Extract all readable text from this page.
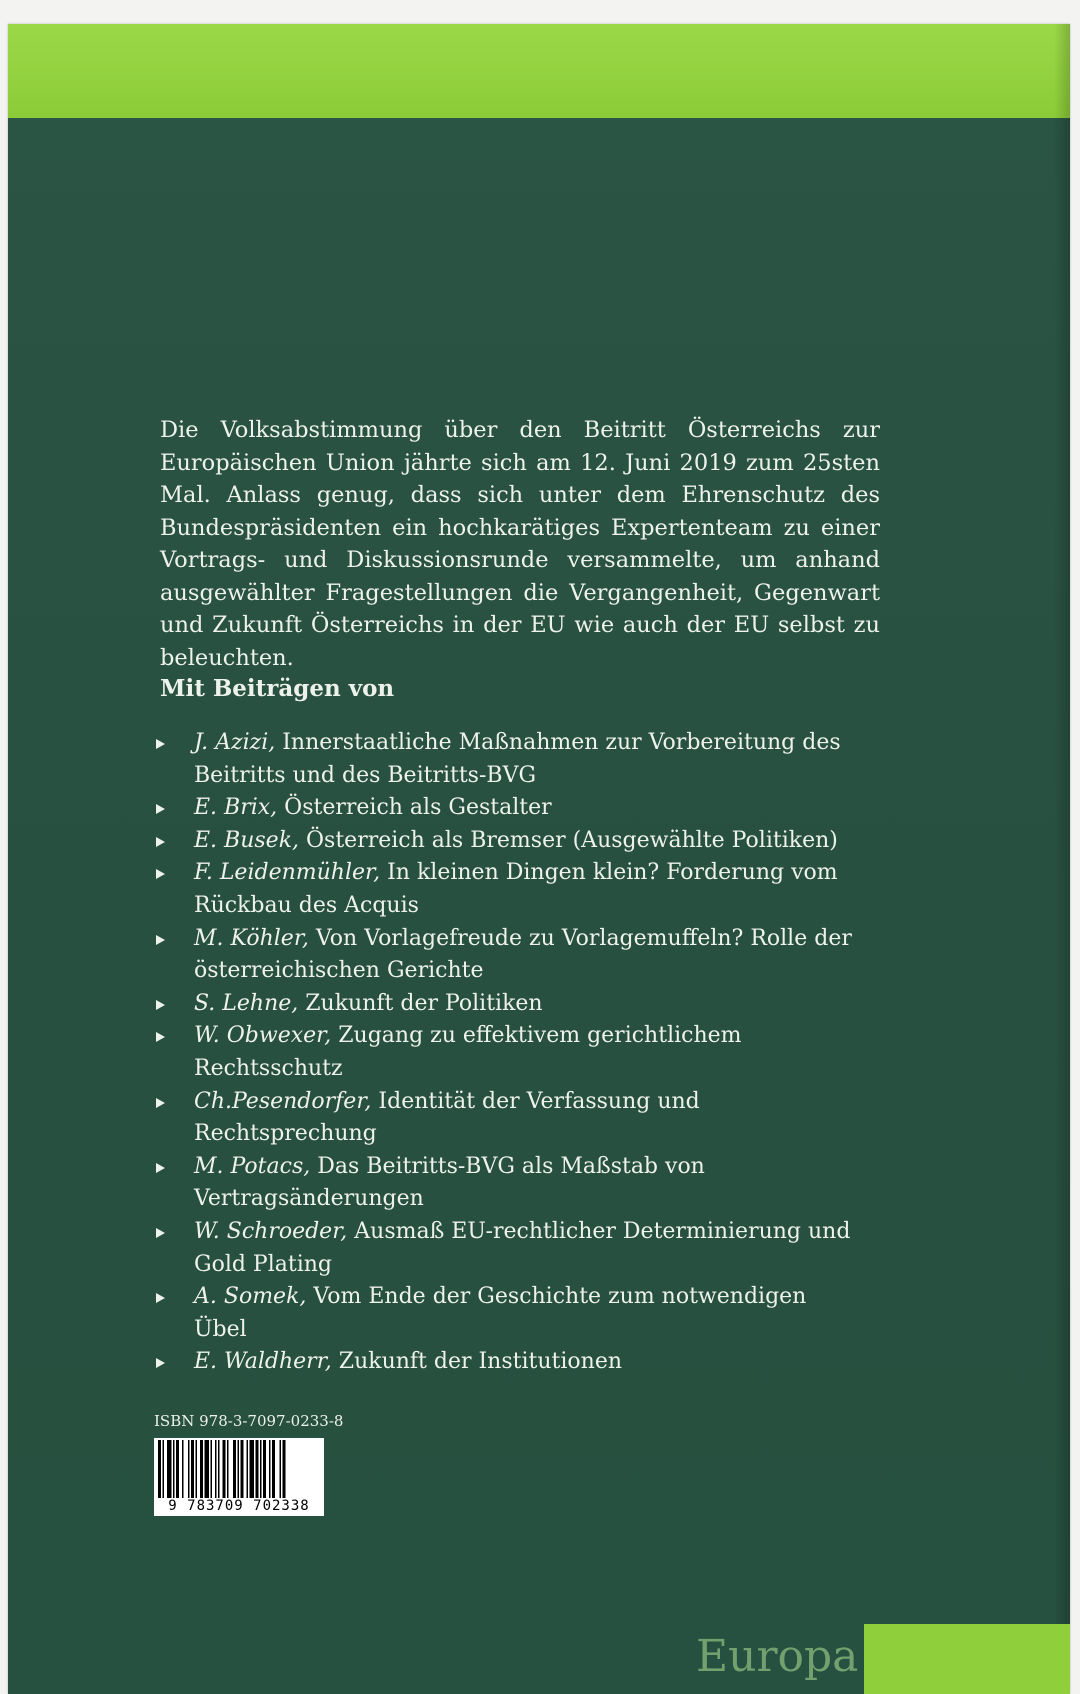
Die Volksabstimmung über den Beitritt Österreichs zur Europäischen Union jährte sich am 12. Juni 2019 zum 25sten Mal. Anlass genug, dass sich unter dem Ehrenschutz des Bundespräsidenten ein hochkarätiges Expertenteam zu einer Vortrags- und Diskussionsrunde versammelte, um anhand ausgewählter Fragestellungen die Vergangenheit, Gegenwart und Zukunft Österreichs in der EU wie auch der EU selbst zu beleuchten.

Mit Beiträgen von
J. Azizi, Innerstaatliche Maßnahmen zur Vorbereitung des Beitritts und des Beitritts-BVG
E. Brix, Österreich als Gestalter
E. Busek, Österreich als Bremser (Ausgewählte Politiken)
F. Leidenmühler, In kleinen Dingen klein? Forderung vom Rückbau des Acquis
M. Köhler, Von Vorlagefreude zu Vorlagemuffeln? Rolle der österreichischen Gerichte
S. Lehne, Zukunft der Politiken
W. Obwexer, Zugang zu effektivem gerichtlichem Rechtsschutz
Ch.Pesendorfer, Identität der Verfassung und Rechtsprechung
M. Potacs, Das Beitritts-BVG als Maßstab von Vertragsänderungen
W. Schroeder, Ausmaß EU-rechtlicher Determinierung und Gold Plating
A. Somek, Vom Ende der Geschichte zum notwendigen Übel
E. Waldherr, Zukunft der Institutionen
ISBN 978-3-7097-0233-8
9 783709 702338
Europa
